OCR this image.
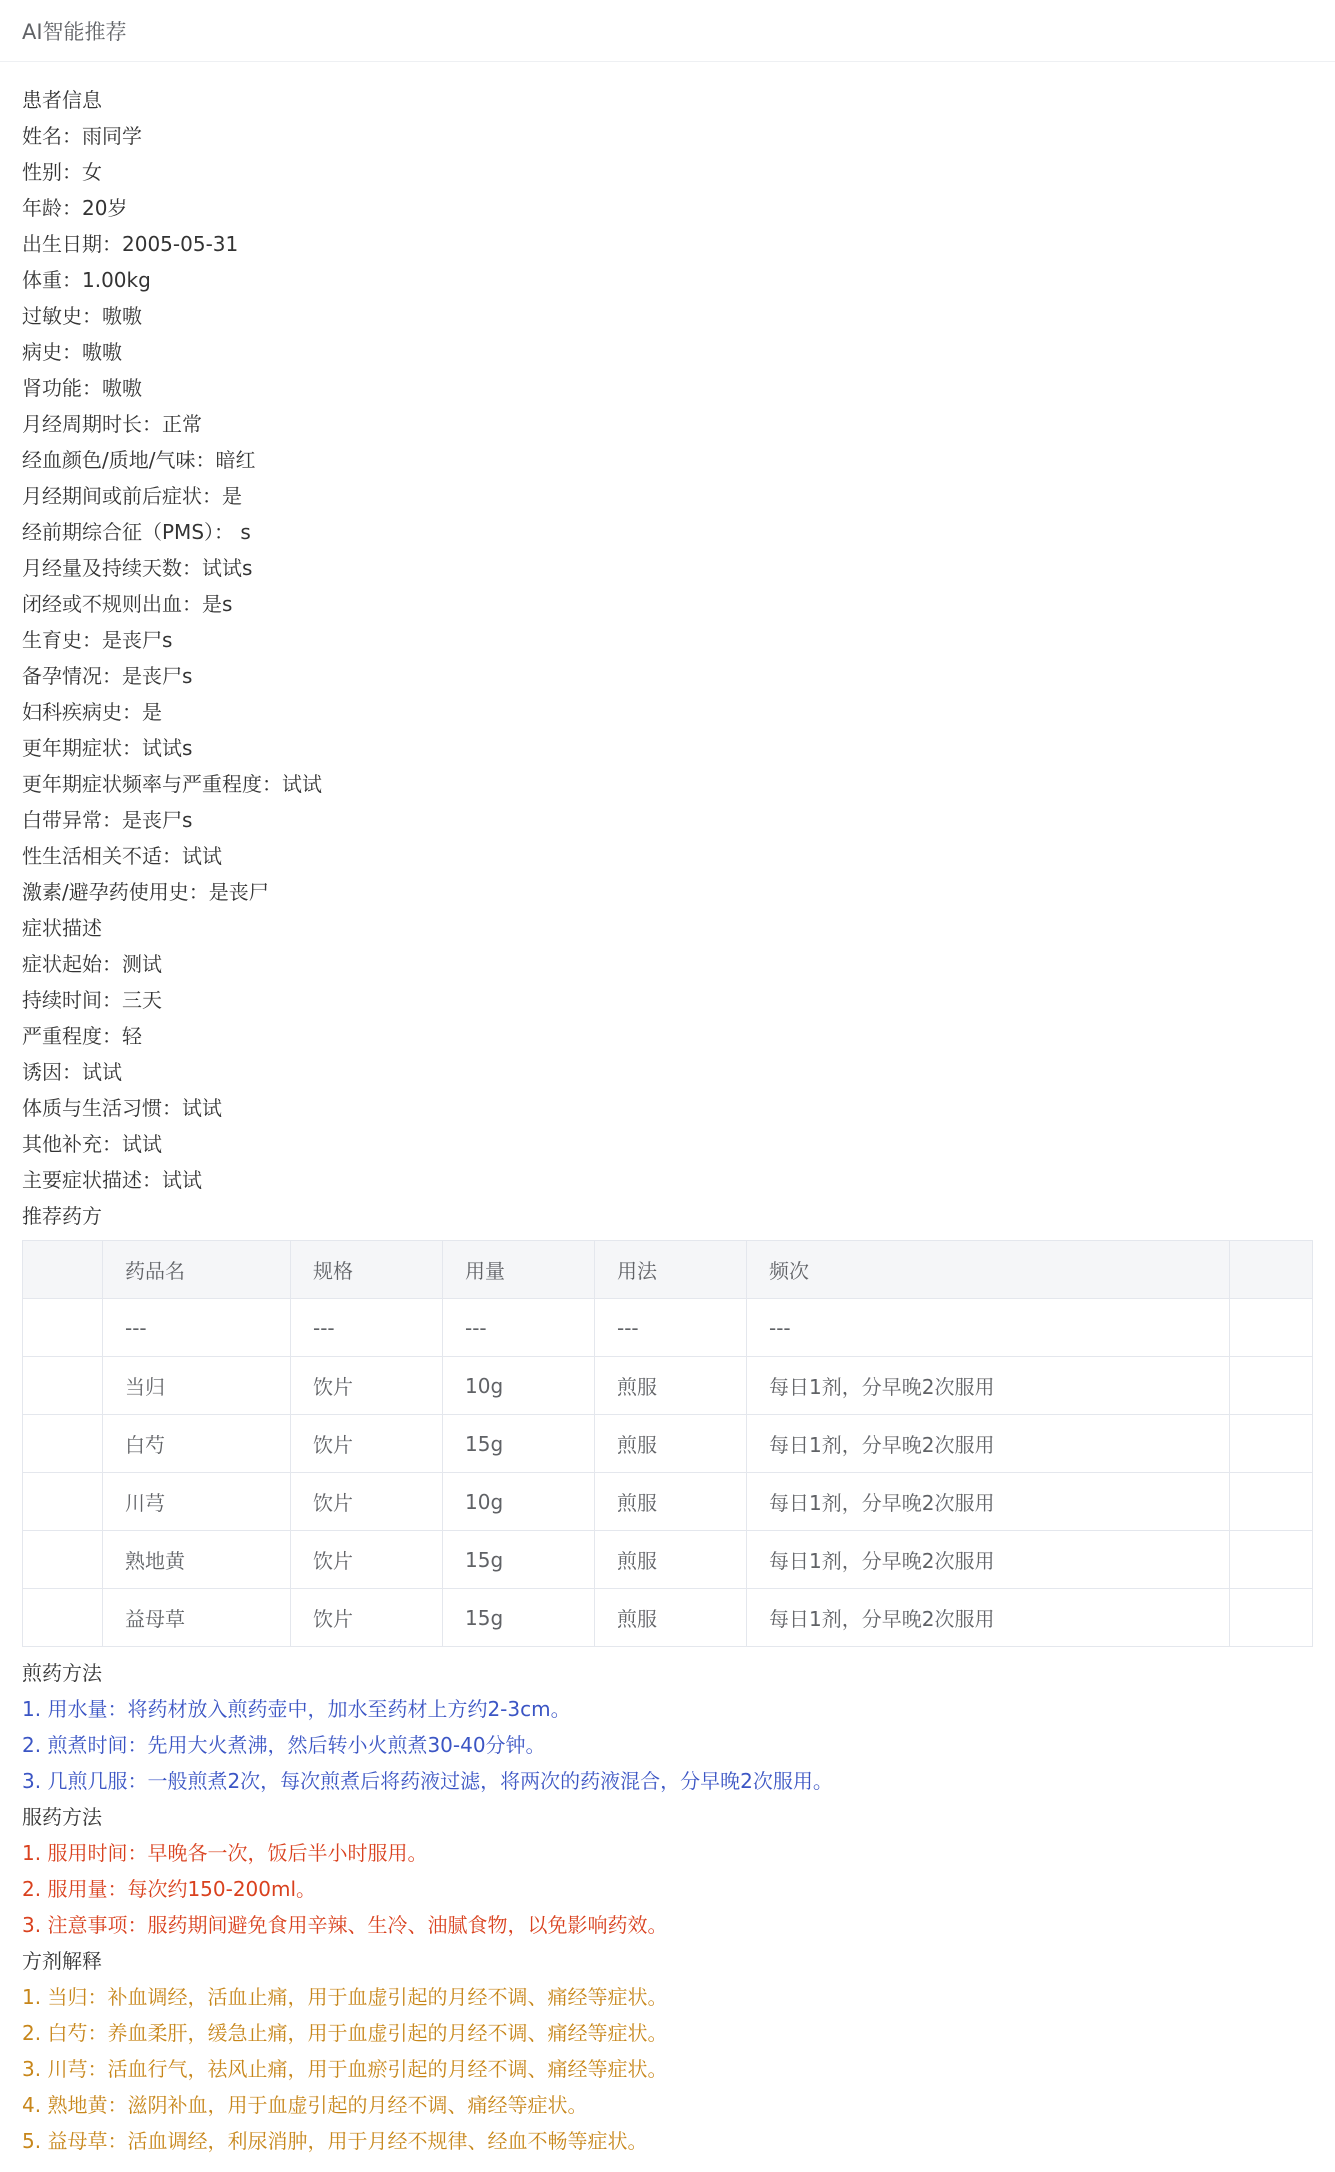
AI智能推荐
患者信息
姓名：雨同学
性别：女
年龄：20岁
出生日期：2005-05-31
体重：1.00kg
过敏史：嗷嗷
病史：嗷嗷
肾功能：嗷嗷
月经周期时长：正常
经血颜色/质地/气味：暗红
月经期间或前后症状：是
经前期综合征（PMS）： s
月经量及持续天数：试试s
闭经或不规则出血：是s
生育史：是丧尸s
备孕情况：是丧尸s
妇科疾病史：是
更年期症状：试试s
更年期症状频率与严重程度：试试
白带异常：是丧尸s
性生活相关不适：试试
激素/避孕药使用史：是丧尸
症状描述
症状起始：测试
持续时间：三天
严重程度：轻
诱因：试试
体质与生活习惯：试试
其他补充：试试
主要症状描述：试试
推荐药方
	药品名	规格	用量	用法	频次	
	---	---	---	---	---	
	当归	饮片	10g	煎服	每日1剂，分早晚2次服用	
	白芍	饮片	15g	煎服	每日1剂，分早晚2次服用	
	川芎	饮片	10g	煎服	每日1剂，分早晚2次服用	
	熟地黄	饮片	15g	煎服	每日1剂，分早晚2次服用	
	益母草	饮片	15g	煎服	每日1剂，分早晚2次服用	
煎药方法
1. 用水量：将药材放入煎药壶中，加水至药材上方约2-3cm。
2. 煎煮时间：先用大火煮沸，然后转小火煎煮30-40分钟。
3. 几煎几服：一般煎煮2次，每次煎煮后将药液过滤，将两次的药液混合，分早晚2次服用。
服药方法
1. 服用时间：早晚各一次，饭后半小时服用。
2. 服用量：每次约150-200ml。
3. 注意事项：服药期间避免食用辛辣、生冷、油腻食物，以免影响药效。
方剂解释
1. 当归：补血调经，活血止痛，用于血虚引起的月经不调、痛经等症状。
2. 白芍：养血柔肝，缓急止痛，用于血虚引起的月经不调、痛经等症状。
3. 川芎：活血行气，祛风止痛，用于血瘀引起的月经不调、痛经等症状。
4. 熟地黄：滋阴补血，用于血虚引起的月经不调、痛经等症状。
5. 益母草：活血调经，利尿消肿，用于月经不规律、经血不畅等症状。
